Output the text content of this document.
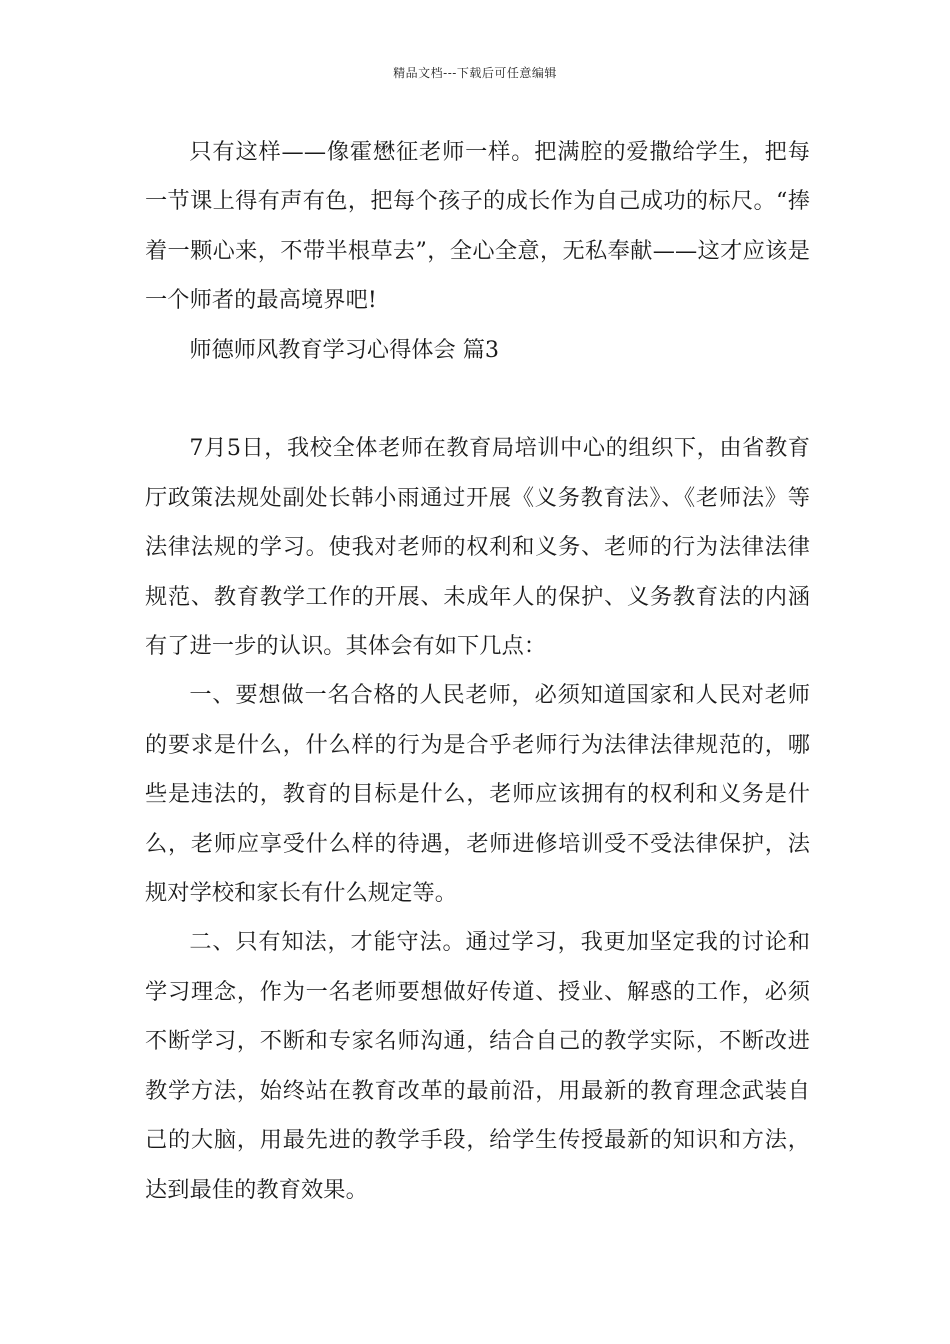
精品文档---下载后可任意编辑

只有这样——像霍懋征老师一样。把满腔的爱撒给学生，把每一节课上得有声有色，把每个孩子的成长作为自己成功的标尺。“捧着一颗心来，不带半根草去”，全心全意，无私奉献——这才应该是一个师者的最高境界吧!

师德师风教育学习心得体会 篇3

7月5日，我校全体老师在教育局培训中心的组织下，由省教育厅政策法规处副处长韩小雨通过开展《义务教育法》、《老师法》等法律法规的学习。使我对老师的权利和义务、老师的行为法律法律规范、教育教学工作的开展、未成年人的保护、义务教育法的内涵有了进一步的认识。其体会有如下几点：

一、要想做一名合格的人民老师，必须知道国家和人民对老师的要求是什么，什么样的行为是合乎老师行为法律法律规范的，哪些是违法的，教育的目标是什么，老师应该拥有的权利和义务是什么，老师应享受什么样的待遇，老师进修培训受不受法律保护，法规对学校和家长有什么规定等。

二、只有知法，才能守法。通过学习，我更加坚定我的讨论和学习理念，作为一名老师要想做好传道、授业、解惑的工作，必须不断学习，不断和专家名师沟通，结合自己的教学实际，不断改进教学方法，始终站在教育改革的最前沿，用最新的教育理念武装自己的大脑，用最先进的教学手段，给学生传授最新的知识和方法，达到最佳的教育效果。
